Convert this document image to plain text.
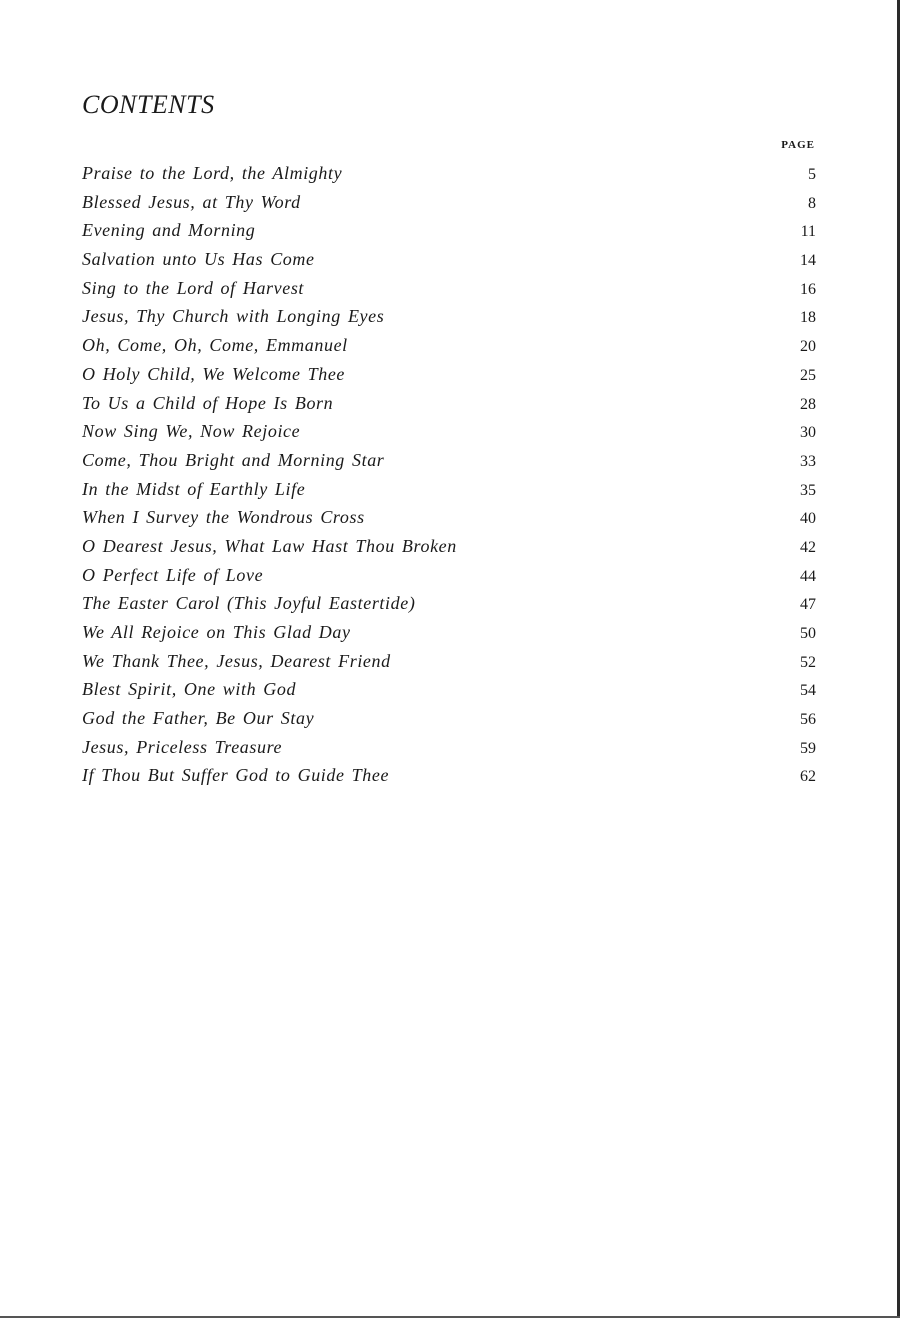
CONTENTS
PAGE
Praise to the Lord, the Almighty	5
Blessed Jesus, at Thy Word	8
Evening and Morning	11
Salvation unto Us Has Come	14
Sing to the Lord of Harvest	16
Jesus, Thy Church with Longing Eyes	18
Oh, Come, Oh, Come, Emmanuel	20
O Holy Child, We Welcome Thee	25
To Us a Child of Hope Is Born	28
Now Sing We, Now Rejoice	30
Come, Thou Bright and Morning Star	33
In the Midst of Earthly Life	35
When I Survey the Wondrous Cross	40
O Dearest Jesus, What Law Hast Thou Broken	42
O Perfect Life of Love	44
The Easter Carol (This Joyful Eastertide)	47
We All Rejoice on This Glad Day	50
We Thank Thee, Jesus, Dearest Friend	52
Blest Spirit, One with God	54
God the Father, Be Our Stay	56
Jesus, Priceless Treasure	59
If Thou But Suffer God to Guide Thee	62
